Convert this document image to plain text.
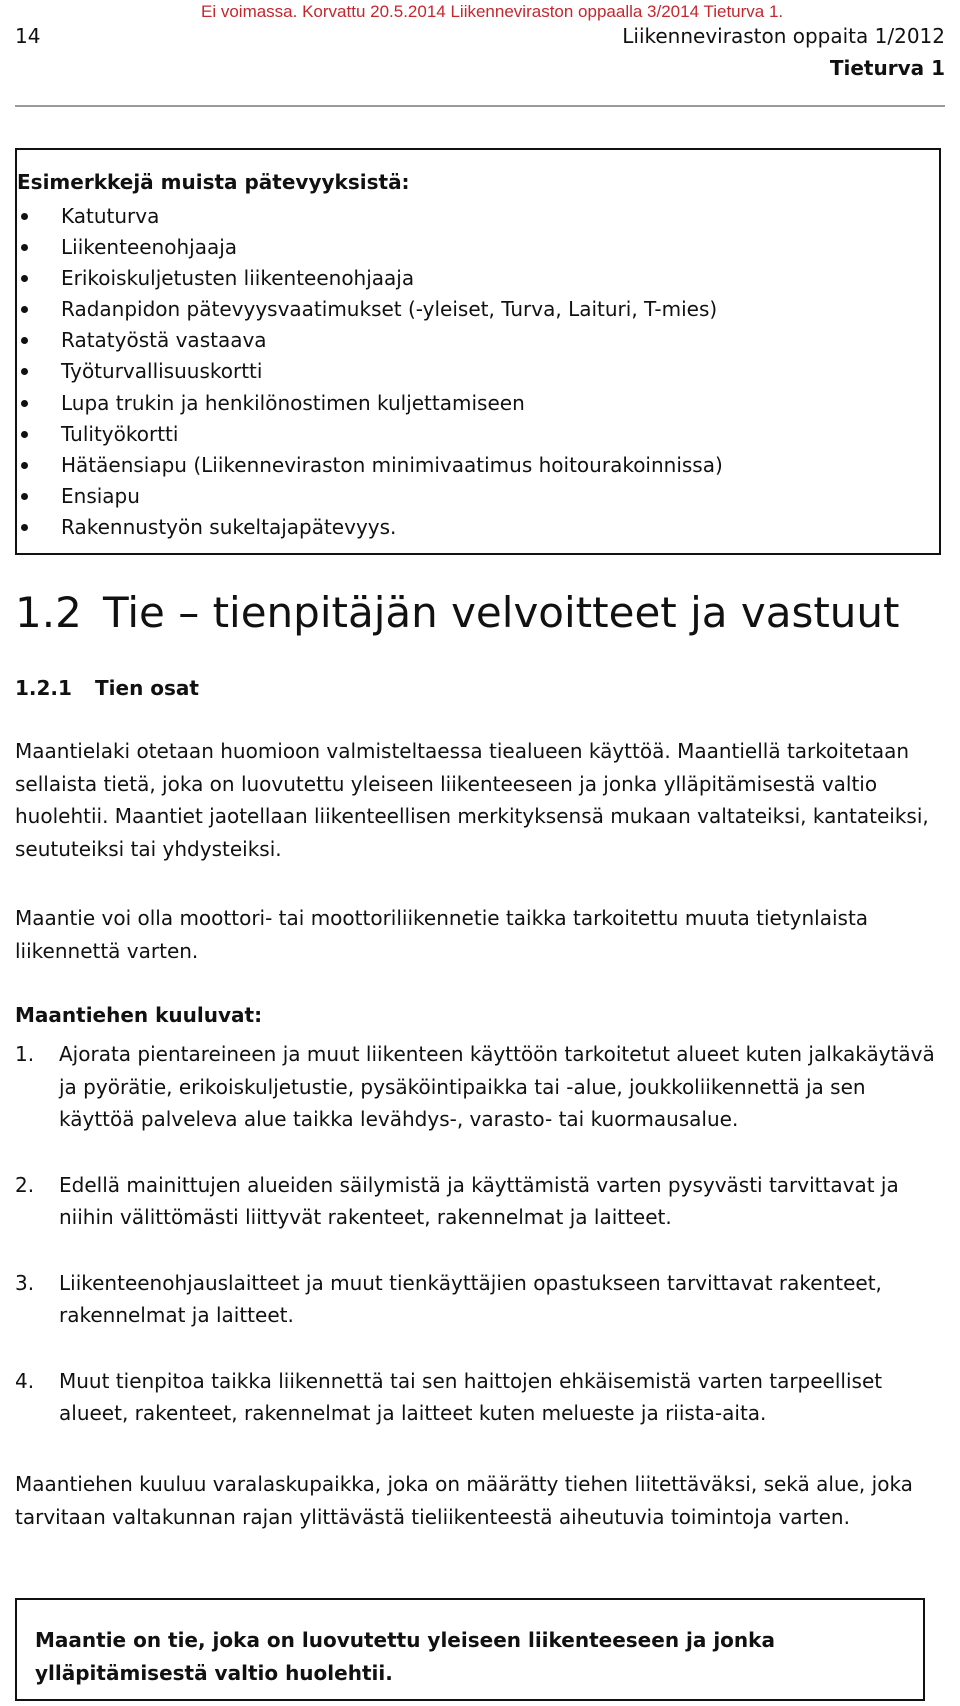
Ei voimassa. Korvattu 20.5.2014 Liikenneviraston oppaalla 3/2014 Tieturva 1.
14	Liikenneviraston oppaita 1/2012
Tieturva 1
Esimerkkejä muista pätevyyksistä:
Katuturva
Liikenteenohjaaja
Erikoiskuljetusten liikenteenohjaaja
Radanpidon pätevyysvaatimukset (-yleiset, Turva, Laituri, T-mies)
Ratatyöstä vastaava
Työturvallisuuskortti
Lupa trukin ja henkilönostimen kuljettamiseen
Tulityökortti
Hätäensiapu (Liikenneviraston minimivaatimus hoitourakoinnissa)
Ensiapu
Rakennustyön sukeltajapätevyys.
1.2 Tie – tienpitäjän velvoitteet ja vastuut
1.2.1 Tien osat

Maantielaki otetaan huomioon valmisteltaessa tiealueen käyttöä. Maantiellä tarkoitetaan sellaista tietä, joka on luovutettu yleiseen liikenteeseen ja jonka ylläpitämisestä valtio huolehtii. Maantiet jaotellaan liikenteellisen merkityksensä mukaan valtateiksi, kantateiksi, seututeiksi tai yhdysteiksi.

Maantie voi olla moottori- tai moottoriliikennetie taikka tarkoitettu muuta tietynlaista liikennettä varten.

Maantiehen kuuluvat:

1. Ajorata pientareineen ja muut liikenteen käyttöön tarkoitetut alueet kuten jalkakäytävä ja pyörätie, erikoiskuljetustie, pysäköintipaikka tai -alue, joukkoliikennettä ja sen käyttöä palveleva alue taikka levähdys-, varasto- tai kuormausalue.
2. Edellä mainittujen alueiden säilymistä ja käyttämistä varten pysyvästi tarvittavat ja niihin välittömästi liittyvät rakenteet, rakennelmat ja laitteet.
3. Liikenteenohjauslaitteet ja muut tienkäyttäjien opastukseen tarvittavat rakenteet, rakennelmat ja laitteet.
4. Muut tienpitoa taikka liikennettä tai sen haittojen ehkäisemistä varten tarpeelliset alueet, rakenteet, rakennelmat ja laitteet kuten melueste ja riista-aita.

Maantiehen kuuluu varalaskupaikka, joka on määrätty tiehen liitettäväksi, sekä alue, joka tarvitaan valtakunnan rajan ylittävästä tieliikenteestä aiheutuvia toimintoja varten.

Maantie on tie, joka on luovutettu yleiseen liikenteeseen ja jonka ylläpitämisestä valtio huolehtii.
